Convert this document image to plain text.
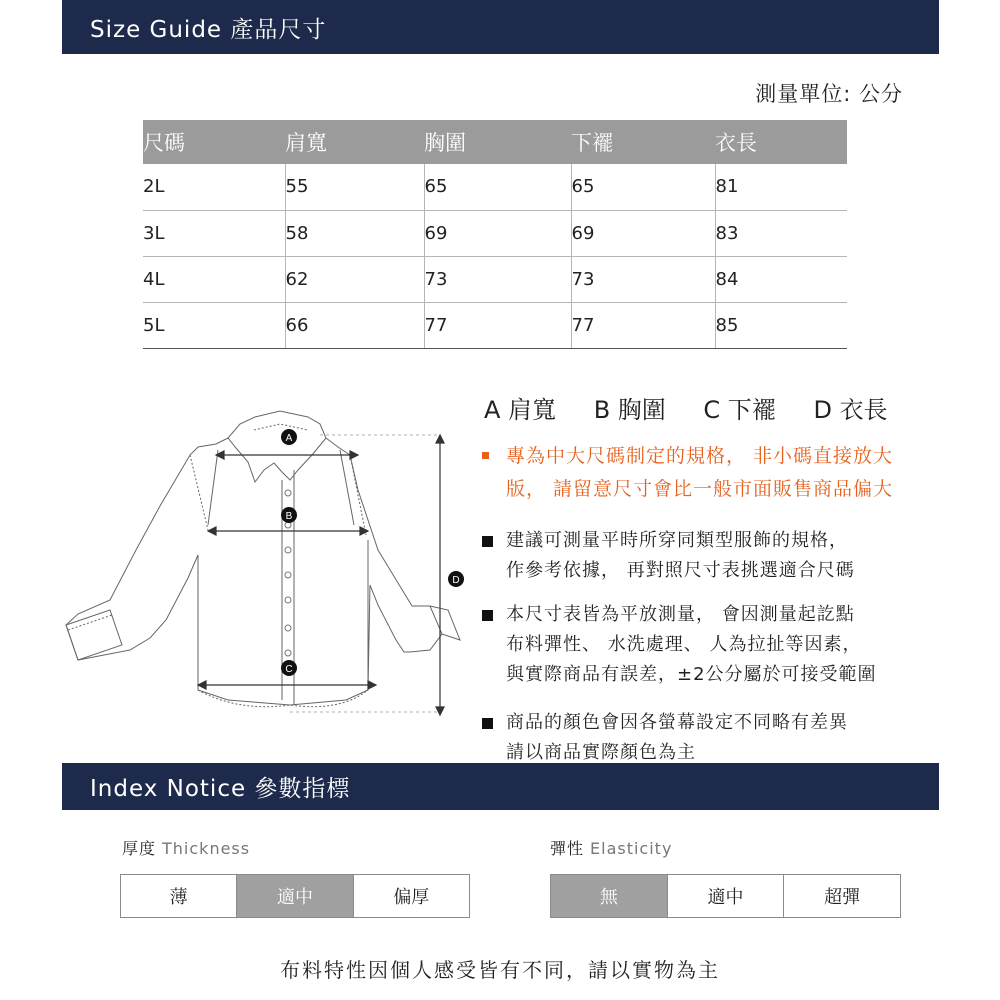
Size Guide 產品尺寸
測量單位: 公分
尺碼	肩寬	胸圍	下襬	衣長
2L	55	65	65	81
3L	58	69	69	83
4L	62	73	73	84
5L	66	77	77	85
A 肩寬 B 胸圍 C 下襬 D 衣長
A
B
C
D

專為中大尺碼制定的規格， 非小碼直接放大

版， 請留意尺寸會比一般市面販售商品偏大

建議可測量平時所穿同類型服飾的規格，

作參考依據， 再對照尺寸表挑選適合尺碼

本尺寸表皆為平放測量， 會因測量起訖點

布料彈性、 水洗處理、 人為拉扯等因素，

與實際商品有誤差，±2公分屬於可接受範圍

商品的顏色會因各螢幕設定不同略有差異

請以商品實際顏色為主

Index Notice 參數指標
厚度 Thickness
薄	適中	偏厚
彈性 Elasticity
無	適中	超彈
布料特性因個人感受皆有不同，請以實物為主
